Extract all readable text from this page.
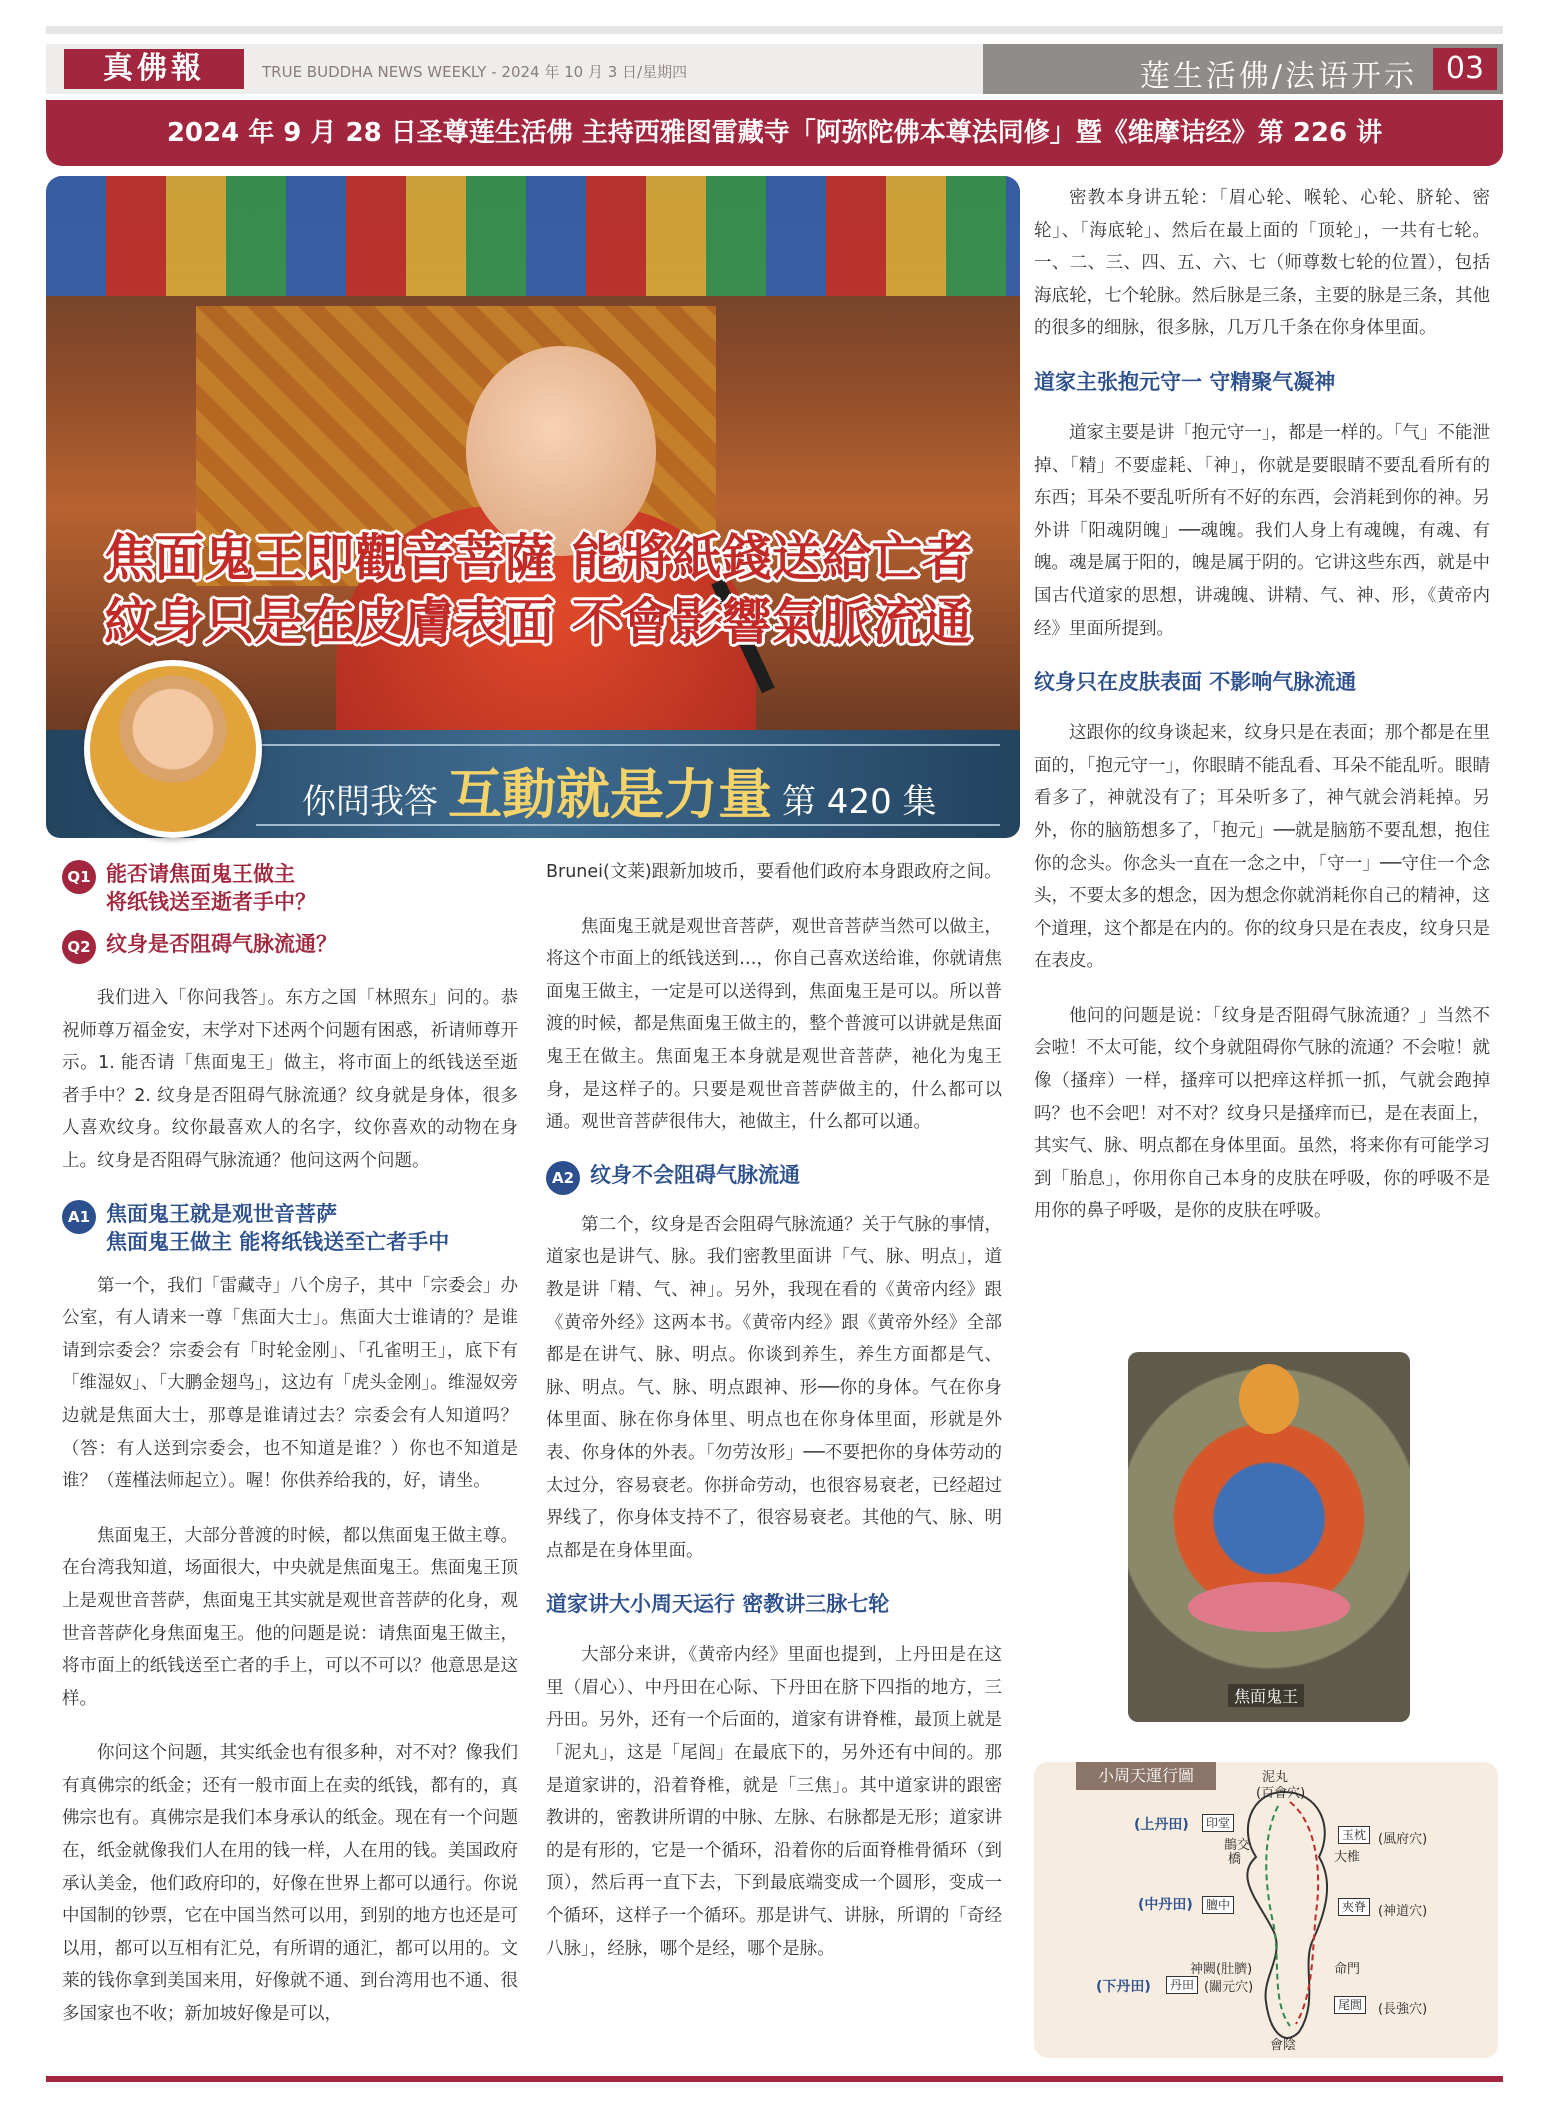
真佛報	TRUE BUDDHA NEWS WEEKLY - 2024 年 10 月 3 日/星期四	莲生活佛/法语开示 03
2024 年 9 月 28 日圣尊莲生活佛 主持西雅图雷藏寺「阿弥陀佛本尊法同修」暨《维摩诘经》第 226 讲
焦面鬼王即觀音菩薩 能將紙錢送給亡者
紋身只是在皮膚表面 不會影響氣脈流通
你問我答 互動就是力量 第 420 集
Q1 能否请焦面鬼王做主
将纸钱送至逝者手中？
Q2 纹身是否阻碍气脉流通？

我们进入「你问我答」。东方之国「林照东」问的。恭祝师尊万福金安，末学对下述两个问题有困惑，祈请师尊开示。1. 能否请「焦面鬼王」做主，将市面上的纸钱送至逝者手中？2. 纹身是否阻碍气脉流通？纹身就是身体，很多人喜欢纹身。纹你最喜欢人的名字，纹你喜欢的动物在身上。纹身是否阻碍气脉流通？他问这两个问题。

A1 焦面鬼王就是观世音菩萨
焦面鬼王做主 能将纸钱送至亡者手中

第一个，我们「雷藏寺」八个房子，其中「宗委会」办公室，有人请来一尊「焦面大士」。焦面大士谁请的？是谁请到宗委会？宗委会有「时轮金刚」、「孔雀明王」，底下有「维湿奴」、「大鹏金翅鸟」，这边有「虎头金刚」。维湿奴旁边就是焦面大士，那尊是谁请过去？宗委会有人知道吗？（答：有人送到宗委会，也不知道是谁？）你也不知道是谁？（莲槿法师起立）。喔！你供养给我的，好，请坐。

焦面鬼王，大部分普渡的时候，都以焦面鬼王做主尊。在台湾我知道，场面很大，中央就是焦面鬼王。焦面鬼王顶上是观世音菩萨，焦面鬼王其实就是观世音菩萨的化身，观世音菩萨化身焦面鬼王。他的问题是说：请焦面鬼王做主，将市面上的纸钱送至亡者的手上，可以不可以？他意思是这样。

你问这个问题，其实纸金也有很多种，对不对？像我们有真佛宗的纸金；还有一般市面上在卖的纸钱，都有的，真佛宗也有。真佛宗是我们本身承认的纸金。现在有一个问题在，纸金就像我们人在用的钱一样，人在用的钱。美国政府承认美金，他们政府印的，好像在世界上都可以通行。你说中国制的钞票，它在中国当然可以用，到别的地方也还是可以用，都可以互相有汇兑，有所谓的通汇，都可以用的。文莱的钱你拿到美国来用，好像就不通、到台湾用也不通、很多国家也不收；新加坡好像是可以，

Brunei(文莱)跟新加坡币，要看他们政府本身跟政府之间。

焦面鬼王就是观世音菩萨，观世音菩萨当然可以做主，将这个市面上的纸钱送到…，你自己喜欢送给谁，你就请焦面鬼王做主，一定是可以送得到，焦面鬼王是可以。所以普渡的时候，都是焦面鬼王做主的，整个普渡可以讲就是焦面鬼王在做主。焦面鬼王本身就是观世音菩萨，祂化为鬼王身，是这样子的。只要是观世音菩萨做主的，什么都可以通。观世音菩萨很伟大，祂做主，什么都可以通。

A2 纹身不会阻碍气脉流通

第二个，纹身是否会阻碍气脉流通？关于气脉的事情，道家也是讲气、脉。我们密教里面讲「气、脉、明点」，道教是讲「精、气、神」。另外，我现在看的《黄帝内经》跟《黄帝外经》这两本书。《黄帝内经》跟《黄帝外经》全部都是在讲气、脉、明点。你谈到养生，养生方面都是气、脉、明点。气、脉、明点跟神、形──你的身体。气在你身体里面、脉在你身体里、明点也在你身体里面，形就是外表、你身体的外表。「勿劳汝形」──不要把你的身体劳动的太过分，容易衰老。你拼命劳动，也很容易衰老，已经超过界线了，你身体支持不了，很容易衰老。其他的气、脉、明点都是在身体里面。

道家讲大小周天运行 密教讲三脉七轮

大部分来讲，《黄帝内经》里面也提到，上丹田是在这里（眉心）、中丹田在心际、下丹田在脐下四指的地方，三丹田。另外，还有一个后面的，道家有讲脊椎，最顶上就是「泥丸」，这是「尾闾」在最底下的，另外还有中间的。那是道家讲的，沿着脊椎，就是「三焦」。其中道家讲的跟密教讲的，密教讲所谓的中脉、左脉、右脉都是无形；道家讲的是有形的，它是一个循环，沿着你的后面脊椎骨循环（到顶），然后再一直下去，下到最底端变成一个圆形，变成一个循环，这样子一个循环。那是讲气、讲脉，所谓的「奇经八脉」，经脉，哪个是经，哪个是脉。

密教本身讲五轮：「眉心轮、喉轮、心轮、脐轮、密轮」、「海底轮」、然后在最上面的「顶轮」，一共有七轮。一、二、三、四、五、六、七（师尊数七轮的位置），包括海底轮，七个轮脉。然后脉是三条，主要的脉是三条，其他的很多的细脉，很多脉，几万几千条在你身体里面。

道家主张抱元守一 守精聚气凝神

道家主要是讲「抱元守一」，都是一样的。「气」不能泄掉、「精」不要虚耗、「神」，你就是要眼睛不要乱看所有的东西；耳朵不要乱听所有不好的东西，会消耗到你的神。另外讲「阳魂阴魄」──魂魄。我们人身上有魂魄，有魂、有魄。魂是属于阳的，魄是属于阴的。它讲这些东西，就是中国古代道家的思想，讲魂魄、讲精、气、神、形，《黄帝内经》里面所提到。

纹身只在皮肤表面 不影响气脉流通

这跟你的纹身谈起来，纹身只是在表面；那个都是在里面的，「抱元守一」，你眼睛不能乱看、耳朵不能乱听。眼睛看多了，神就没有了；耳朵听多了，神气就会消耗掉。另外，你的脑筋想多了，「抱元」──就是脑筋不要乱想，抱住你的念头。你念头一直在一念之中，「守一」──守住一个念头，不要太多的想念，因为想念你就消耗你自己的精神，这个道理，这个都是在内的。你的纹身只是在表皮，纹身只是在表皮。

他问的问题是说：「纹身是否阻碍气脉流通？」当然不会啦！不太可能，纹个身就阻碍你气脉的流通？不会啦！就像（搔痒）一样，搔痒可以把痒这样抓一抓，气就会跑掉吗？也不会吧！对不对？纹身只是搔痒而已，是在表面上，其实气、脉、明点都在身体里面。虽然，将来你有可能学习到「胎息」，你用你自己本身的皮肤在呼吸，你的呼吸不是用你的鼻子呼吸，是你的皮肤在呼吸。

焦面鬼王
小周天運行圖	泥丸
(百會穴)
(上丹田)
(中丹田)
(下丹田)
印堂
膻中
丹田
鵲交
橋
神闕(肚臍)
(關元穴)
玉枕
夾脊
尾閭
(風府穴)
大椎
(神道穴)
命門
(長強穴)
會陰
